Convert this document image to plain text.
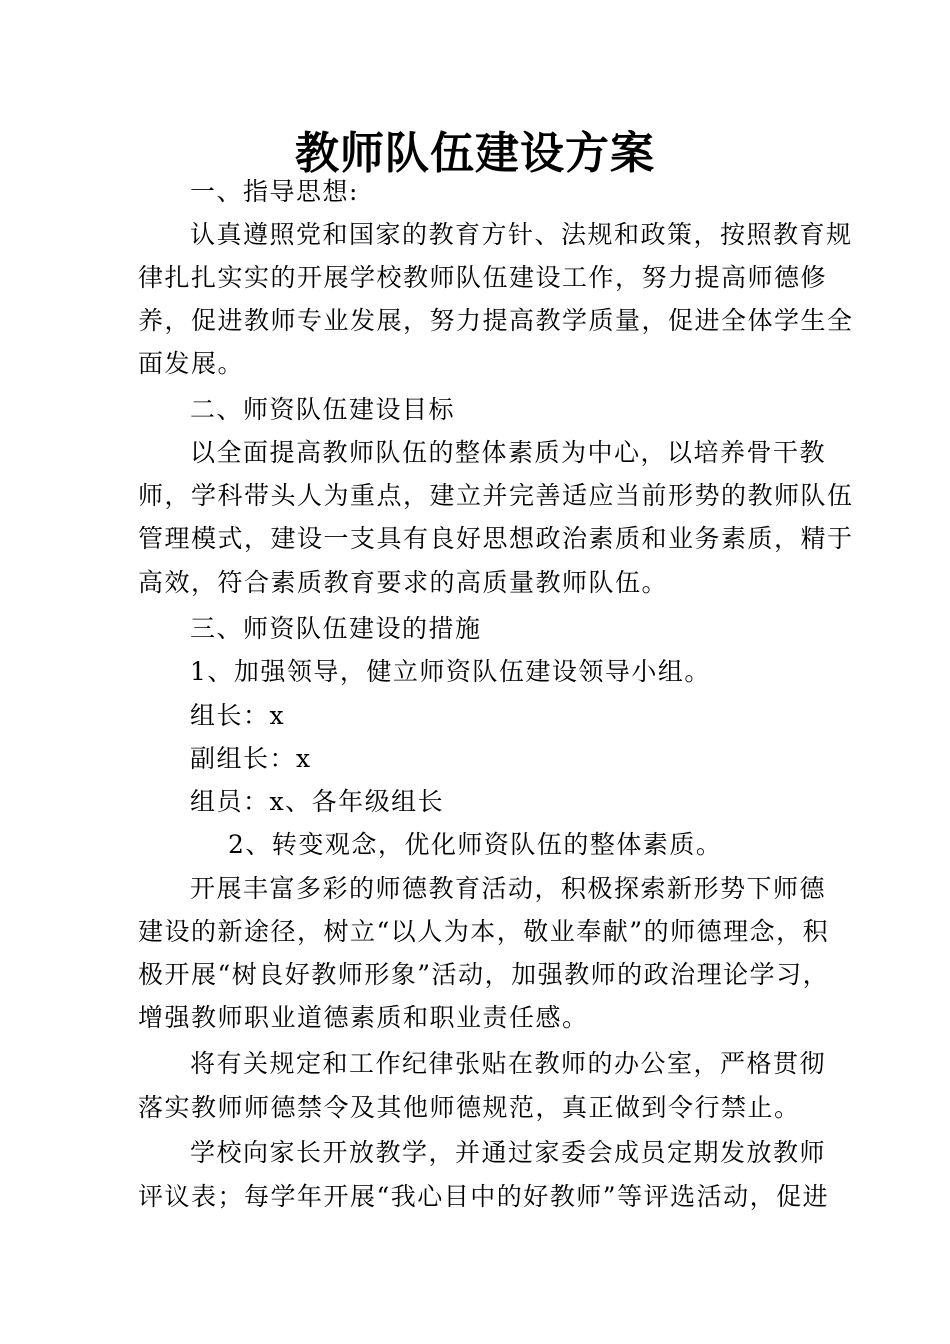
教师队伍建设方案
一、指导思想:
认真遵照党和国家的教育方针、法规和政策，按照教育规
律扎扎实实的开展学校教师队伍建设工作，努力提高师德修
养，促进教师专业发展，努力提高教学质量，促进全体学生全
面发展。
二、师资队伍建设目标
以全面提高教师队伍的整体素质为中心，以培养骨干教
师，学科带头人为重点，建立并完善适应当前形势的教师队伍
管理模式，建设一支具有良好思想政治素质和业务素质，精于
高效，符合素质教育要求的高质量教师队伍。
三、师资队伍建设的措施
1、加强领导，健立师资队伍建设领导小组。
组长：x
副组长：x
组员：x、各年级组长
2、转变观念，优化师资队伍的整体素质。
开展丰富多彩的师德教育活动，积极探索新形势下师德
建设的新途径，树立“以人为本，敬业奉献”的师德理念，积
极开展“树良好教师形象”活动，加强教师的政治理论学习，
增强教师职业道德素质和职业责任感。
将有关规定和工作纪律张贴在教师的办公室，严格贯彻
落实教师师德禁令及其他师德规范，真正做到令行禁止。
学校向家长开放教学，并通过家委会成员定期发放教师
评议表；每学年开展“我心目中的好教师”等评选活动，促进
